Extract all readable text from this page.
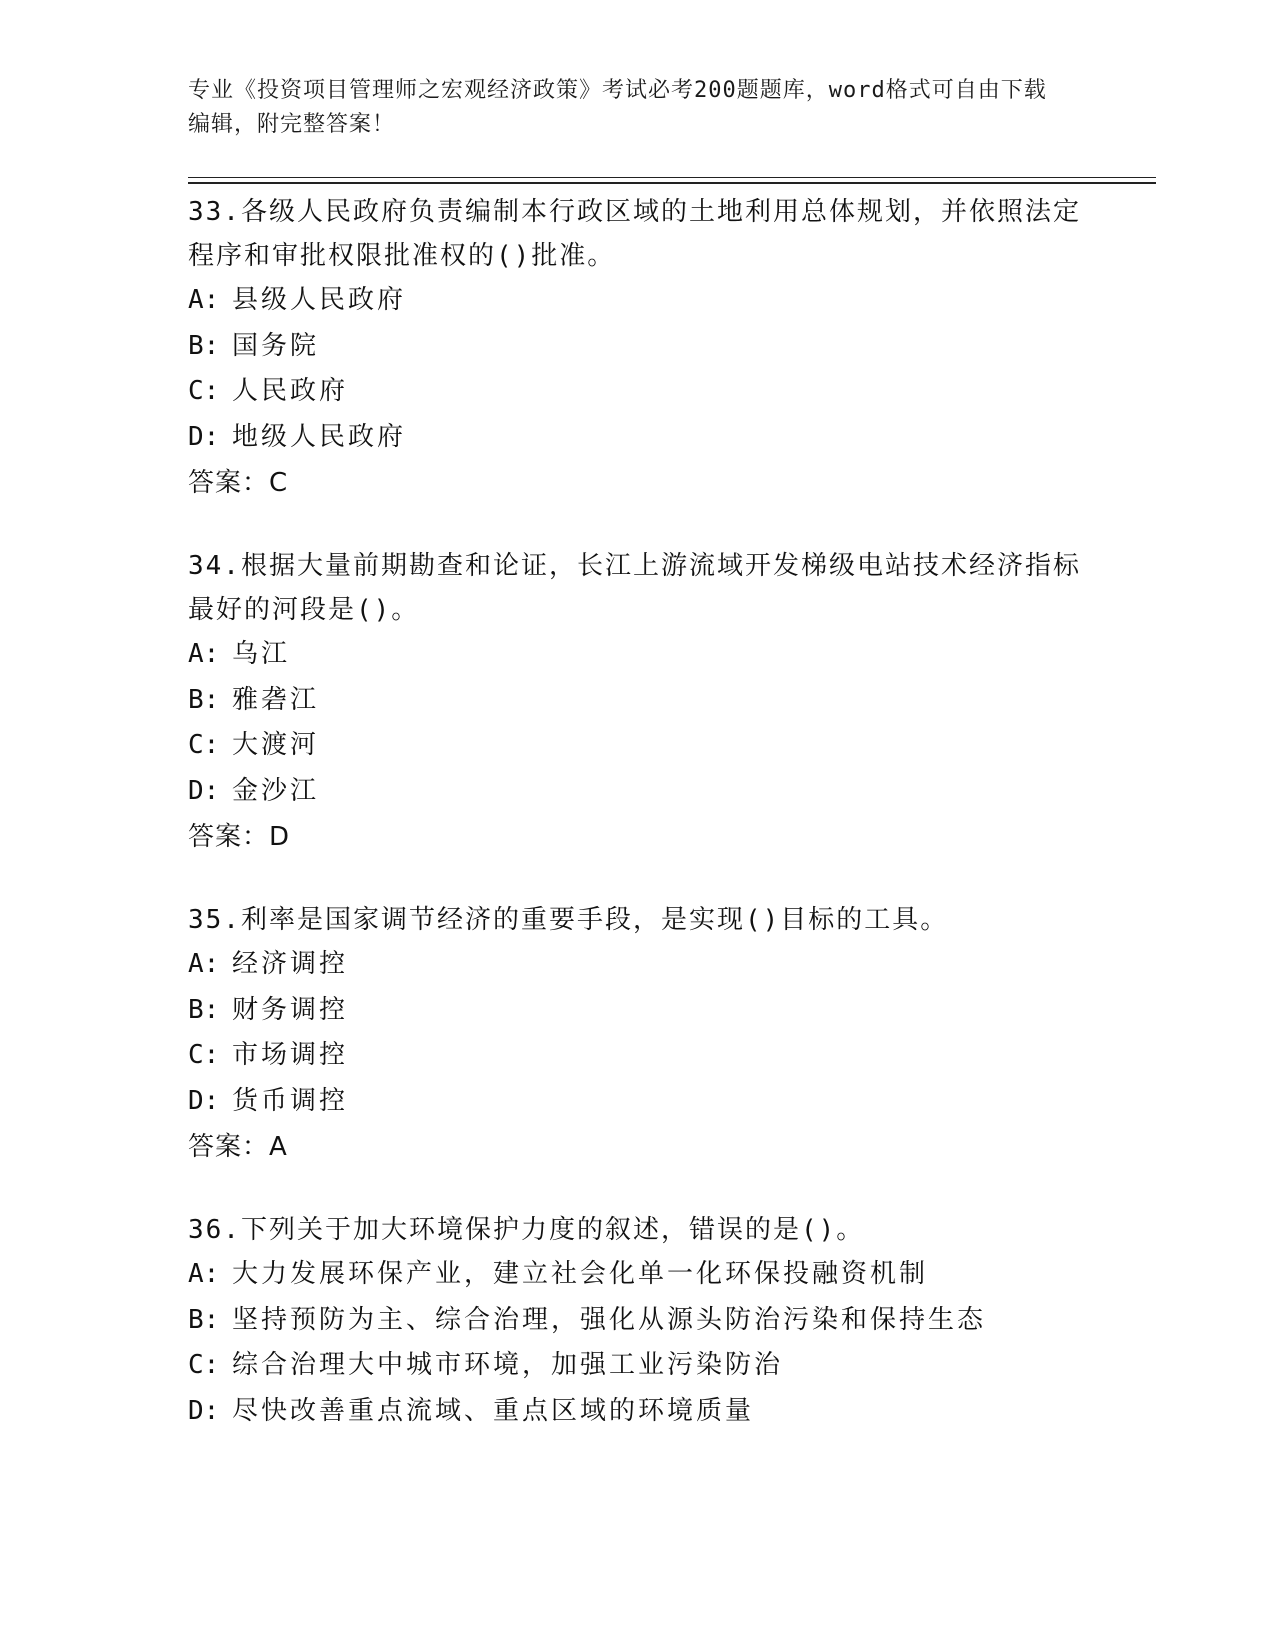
专业《投资项目管理师之宏观经济政策》考试必考200题题库，word格式可自由下载编辑，附完整答案！

33.各级人民政府负责编制本行政区域的土地利用总体规划，并依照法定程序和审批权限批准权的()批准。

A: 县级人民政府

B: 国务院

C: 人民政府

D: 地级人民政府

答案：C

34.根据大量前期勘查和论证，长江上游流域开发梯级电站技术经济指标最好的河段是()。

A: 乌江

B: 雅砻江

C: 大渡河

D: 金沙江

答案：D

35.利率是国家调节经济的重要手段，是实现()目标的工具。

A: 经济调控

B: 财务调控

C: 市场调控

D: 货币调控

答案：A

36.下列关于加大环境保护力度的叙述，错误的是()。

A: 大力发展环保产业，建立社会化单一化环保投融资机制

B: 坚持预防为主、综合治理，强化从源头防治污染和保持生态

C: 综合治理大中城市环境，加强工业污染防治

D: 尽快改善重点流域、重点区域的环境质量
